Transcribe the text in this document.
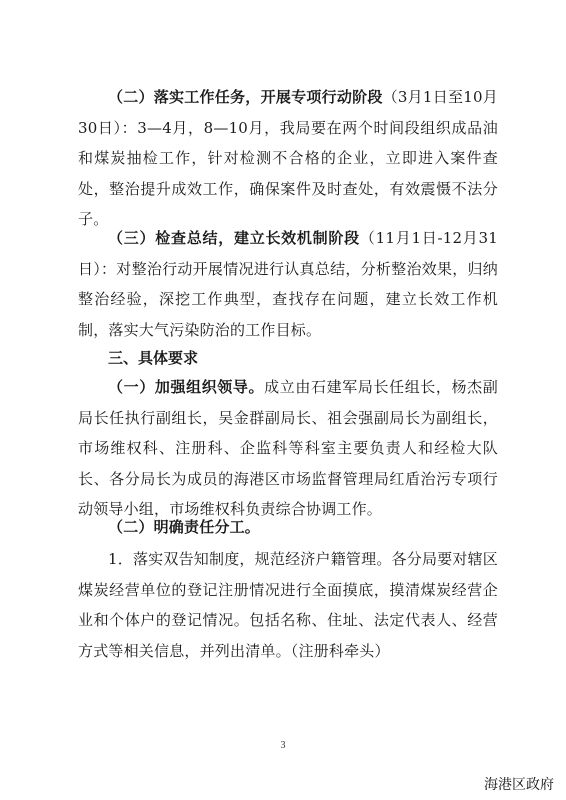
（二）落实工作任务，开展专项行动阶段（3月1日至10月30日）：3—4月，8—10月，我局要在两个时间段组织成品油和煤炭抽检工作，针对检测不合格的企业，立即进入案件查处，整治提升成效工作，确保案件及时查处，有效震慑不法分子。

（三）检查总结，建立长效机制阶段（11月1日-12月31日）：对整治行动开展情况进行认真总结，分析整治效果，归纳整治经验，深挖工作典型，查找存在问题，建立长效工作机制，落实大气污染防治的工作目标。

三、具体要求

（一）加强组织领导。成立由石建军局长任组长，杨杰副局长任执行副组长，吴金群副局长、祖会强副局长为副组长，市场维权科、注册科、企监科等科室主要负责人和经检大队长、各分局长为成员的海港区市场监督管理局红盾治污专项行动领导小组，市场维权科负责综合协调工作。

（二）明确责任分工。

1．落实双告知制度，规范经济户籍管理。各分局要对辖区煤炭经营单位的登记注册情况进行全面摸底，摸清煤炭经营企业和个体户的登记情况。包括名称、住址、法定代表人、经营方式等相关信息，并列出清单。（注册科牵头）

3
海港区政府
